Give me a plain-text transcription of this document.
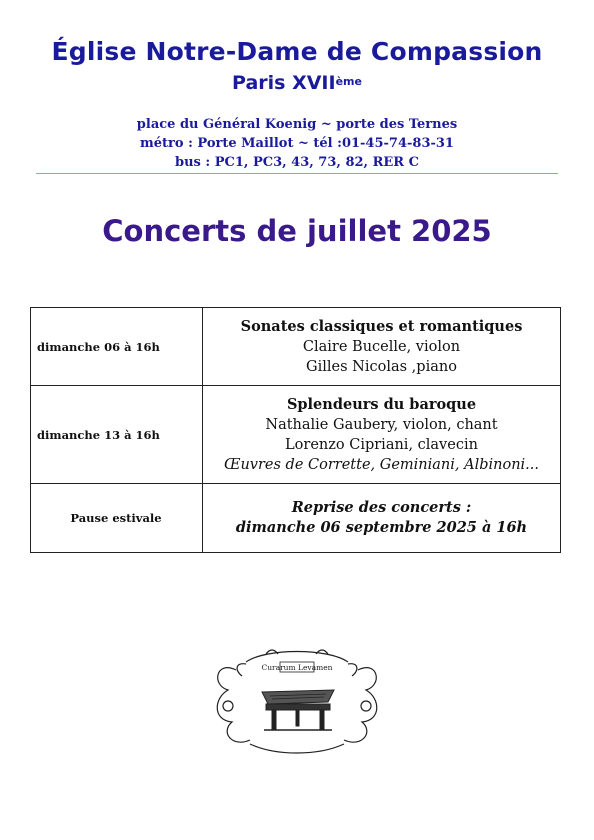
Église Notre-Dame de Compassion
Paris XVIIème
place du Général Koenig ~ porte des Ternes
métro : Porte Maillot ~ tél :01-45-74-83-31
bus : PC1, PC3, 43, 73, 82, RER C
Concerts de juillet 2025
dimanche 06 à 16h	Sonates classiques et romantiques
Claire Bucelle, violon
Gilles Nicolas ,piano

dimanche 13 à 16h	Splendeurs du baroque
Nathalie Gaubery, violon, chant
Lorenzo Cipriani, clavecin
Œuvres de Corrette, Geminiani, Albinoni...

Pause estivale	Reprise des concerts :
dimanche 06 septembre 2025 à 16h
Curarum Levamen
